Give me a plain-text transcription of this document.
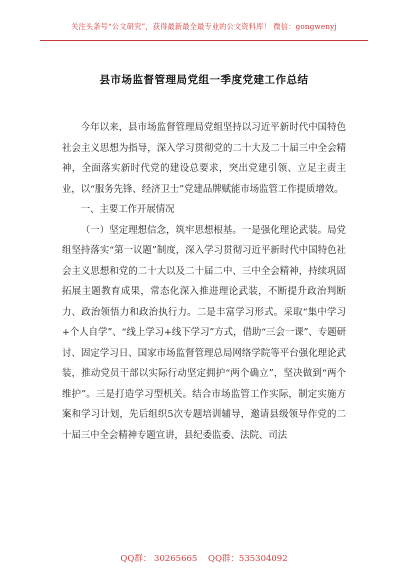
关注头条号“公文研究”，获得最新最全最专业的公文资料库！ 微信：gongwenyj
县市场监督管理局党组一季度党建工作总结

今年以来，县市场监督管理局党组坚持以习近平新时代中国特色社会主义思想为指导，深入学习贯彻党的二十大及二十届三中全会精神，全面落实新时代党的建设总要求，突出党建引领、立足主责主业，以“服务先锋、经济卫士”党建品牌赋能市场监管工作提质增效。

一、主要工作开展情况

（一）坚定理想信念，筑牢思想根基。一是强化理论武装。局党组坚持落实“第一议题”制度，深入学习贯彻习近平新时代中国特色社会主义思想和党的二十大以及二十届二中、三中全会精神，持续巩固拓展主题教育成果，常态化深入推进理论武装，不断提升政治判断力、政治领悟力和政治执行力。二是丰富学习形式。采取“集中学习+个人自学”、“线上学习+线下学习”方式，借助“三会一课”、专题研讨、固定学习日、国家市场监督管理总局网络学院等平台强化理论武装，推动党员干部以实际行动坚定拥护“两个确立”，坚决做到“两个维护”。三是打造学习型机关。结合市场监管工作实际，制定实施方案和学习计划，先后组织5次专题培训辅导，邀请县级领导作党的二十届三中全会精神专题宣讲，县纪委监委、法院、司法

QQ群： 30265665 QQ群：535304092
